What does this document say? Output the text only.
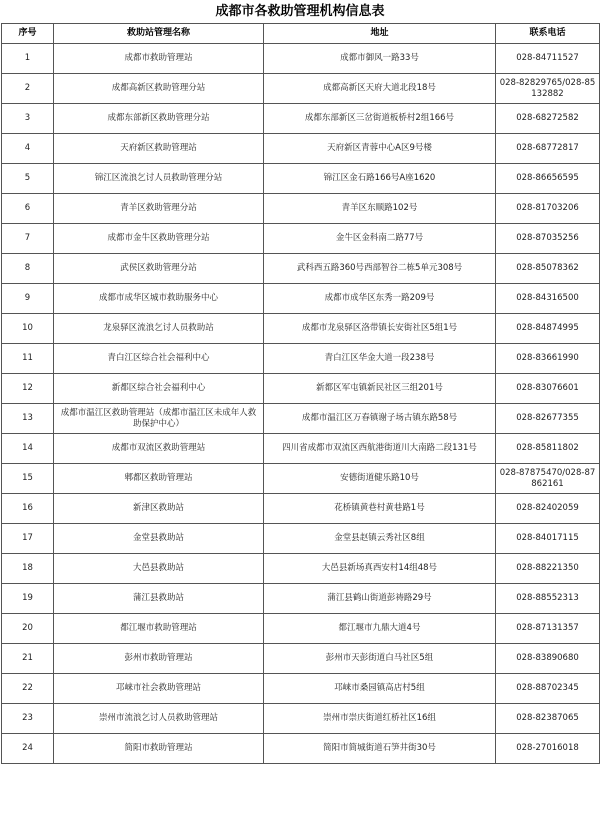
成都市各救助管理机构信息表
序号	救助站管理名称	地址	联系电话
1	成都市救助管理站	成都市御风一路33号	028-84711527
2	成都高新区救助管理分站	成都高新区天府大道北段18号	028-82829765/028-85132882
3	成都东部新区救助管理分站	成都东部新区三岔街道板桥村2组166号	028-68272582
4	天府新区救助管理站	天府新区青蓉中心A区9号楼	028-68772817
5	锦江区流浪乞讨人员救助管理分站	锦江区金石路166号A座1620	028-86656595
6	青羊区救助管理分站	青羊区东顺路102号	028-81703206
7	成都市金牛区救助管理分站	金牛区金科南二路77号	028-87035256
8	武侯区救助管理分站	武科西五路360号西部智谷二栋5单元308号	028-85078362
9	成都市成华区城市救助服务中心	成都市成华区东秀一路209号	028-84316500
10	龙泉驿区流浪乞讨人员救助站	成都市龙泉驿区洛带镇长安街社区5组1号	028-84874995
11	青白江区综合社会福利中心	青白江区华金大道一段238号	028-83661990
12	新都区综合社会福利中心	新都区军屯镇新民社区三组201号	028-83076601
13	成都市温江区救助管理站（成都市温江区未成年人救助保护中心）	成都市温江区万春镇谢子场古镇东路58号	028-82677355
14	成都市双流区救助管理站	四川省成都市双流区西航港街道川大南路二段131号	028-85811802
15	郫都区救助管理站	安德街道健乐路10号	028-87875470/028-87862161
16	新津区救助站	花桥镇黄巷村黄巷路1号	028-82402059
17	金堂县救助站	金堂县赵镇云秀社区8组	028-84017115
18	大邑县救助站	大邑县新场真西安村14组48号	028-88221350
19	蒲江县救助站	蒲江县鹤山街道彭祷路29号	028-88552313
20	都江堰市救助管理站	都江堰市九鼎大道4号	028-87131357
21	彭州市救助管理站	彭州市天彭街道白马社区5组	028-83890680
22	邛崃市社会救助管理站	邛崃市桑园镇高店村5组	028-88702345
23	崇州市流浪乞讨人员救助管理站	崇州市崇庆街道红桥社区16组	028-82387065
24	简阳市救助管理站	简阳市简城街道石笋井街30号	028-27016018
